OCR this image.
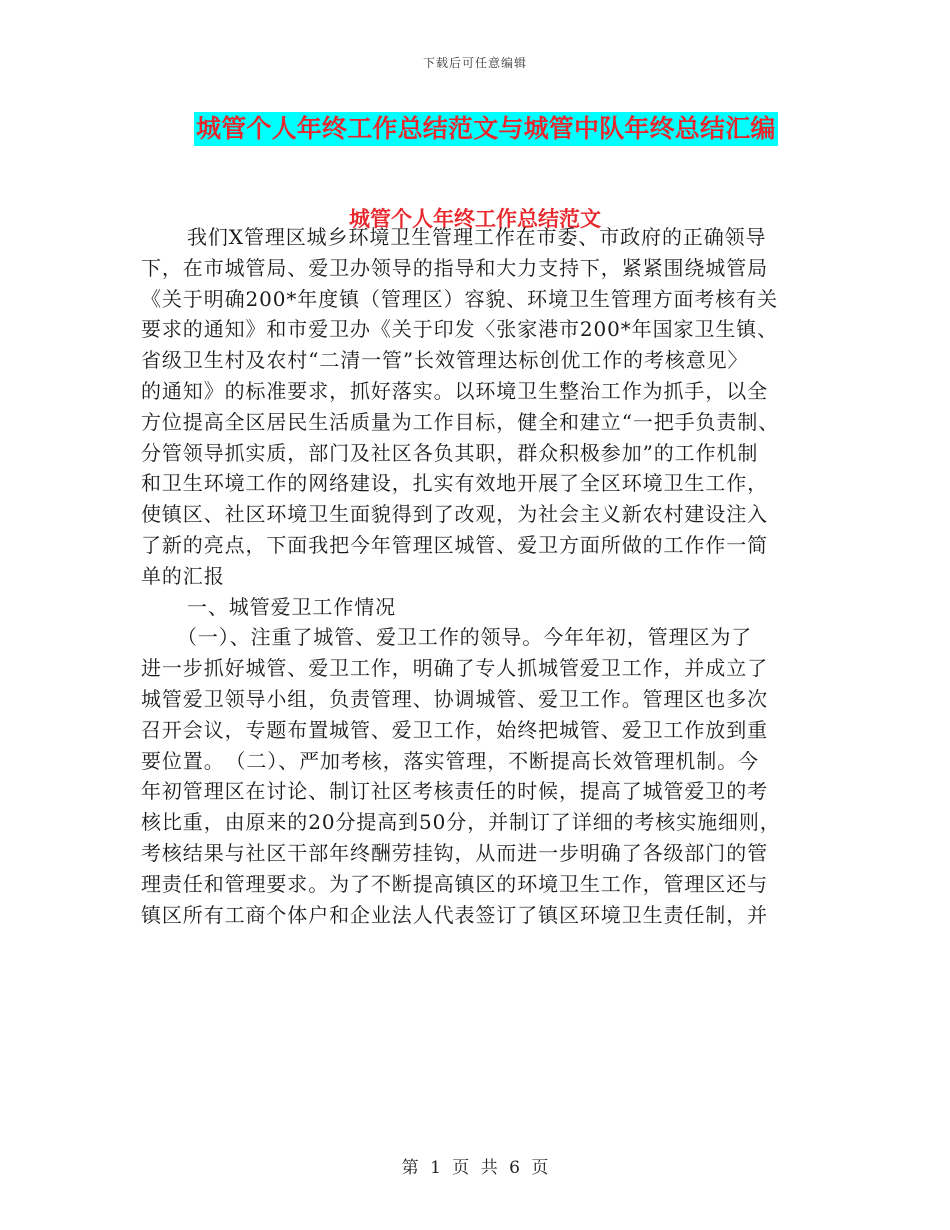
下载后可任意编辑
城管个人年终工作总结范文与城管中队年终总结汇编
城管个人年终工作总结范文
我们X管理区城乡环境卫生管理工作在市委、市政府的正确领导
下，在市城管局、爱卫办领导的指导和大力支持下，紧紧围绕城管局
《关于明确200*年度镇（管理区）容貌、环境卫生管理方面考核有关
要求的通知》和市爱卫办《关于印发〈张家港市200*年国家卫生镇、
省级卫生村及农村“二清一管”长效管理达标创优工作的考核意见〉
的通知》的标准要求，抓好落实。以环境卫生整治工作为抓手，以全
方位提高全区居民生活质量为工作目标，健全和建立“一把手负责制、
分管领导抓实质，部门及社区各负其职，群众积极参加”的工作机制
和卫生环境工作的网络建设，扎实有效地开展了全区环境卫生工作，
使镇区、社区环境卫生面貌得到了改观，为社会主义新农村建设注入
了新的亮点，下面我把今年管理区城管、爱卫方面所做的工作作一简
单的汇报
一、城管爱卫工作情况
（一）、注重了城管、爱卫工作的领导。今年年初，管理区为了
进一步抓好城管、爱卫工作，明确了专人抓城管爱卫工作，并成立了
城管爱卫领导小组，负责管理、协调城管、爱卫工作。管理区也多次
召开会议，专题布置城管、爱卫工作，始终把城管、爱卫工作放到重
要位置。　（二）、严加考核，落实管理，不断提高长效管理机制。今
年初管理区在讨论、制订社区考核责任的时候，提高了城管爱卫的考
核比重，由原来的20分提高到50分，并制订了详细的考核实施细则，
考核结果与社区干部年终酬劳挂钩，从而进一步明确了各级部门的管
理责任和管理要求。为了不断提高镇区的环境卫生工作，管理区还与
镇区所有工商个体户和企业法人代表签订了镇区环境卫生责任制，并
第 1 页 共 6 页
